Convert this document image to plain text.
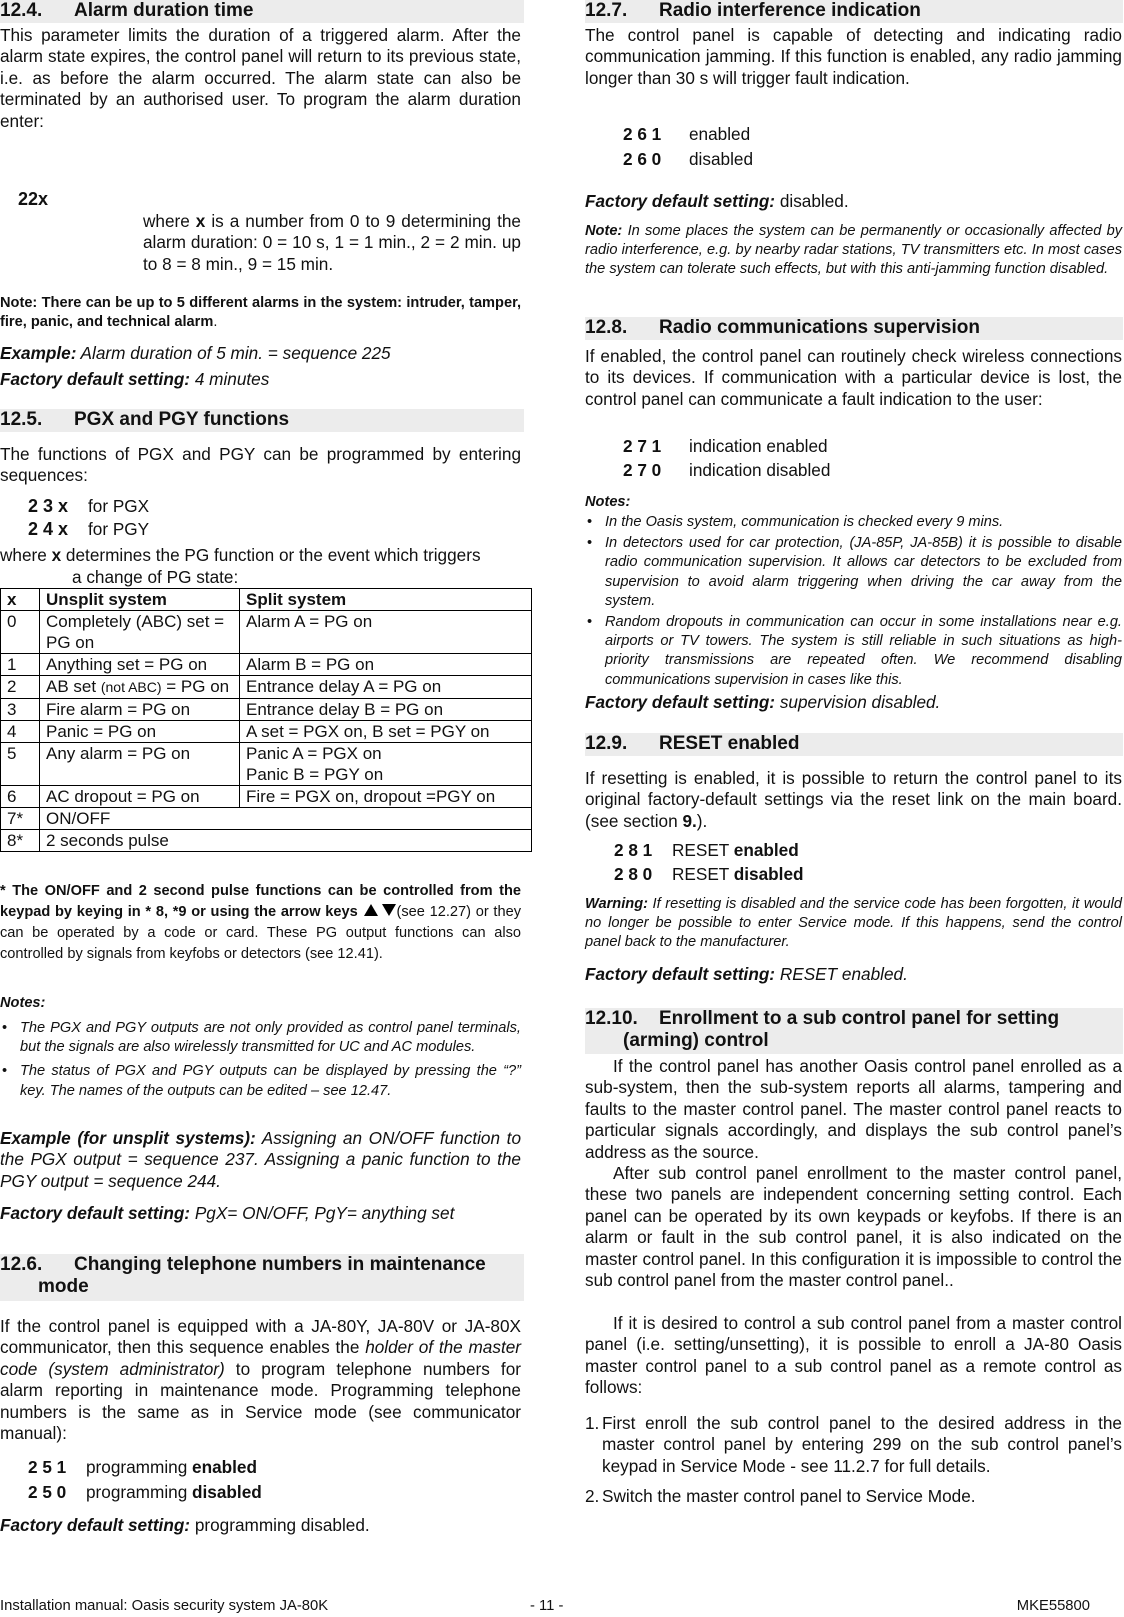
12.4. Alarm duration time

This parameter limits the duration of a triggered alarm. After the alarm state expires, the control panel will return to its previous state, i.e. as before the alarm occurred. The alarm state can also be terminated by an authorised user. To program the alarm duration enter:

22x

where x is a number from 0 to 9 determining the alarm duration: 0 = 10 s, 1 = 1 min., 2 = 2 min. up to 8 = 8 min., 9 = 15 min.

Note: There can be up to 5 different alarms in the system: intruder, tamper, fire, panic, and technical alarm.

Example: Alarm duration of 5 min. = sequence 225

Factory default setting: 4 minutes

12.5. PGX and PGY functions

The functions of PGX and PGY can be programmed by entering sequences:

2 3 x for PGX
2 4 x for PGY

where x determines the PG function or the event which triggers

a change of PG state:

x	Unsplit system	Split system
0	Completely (ABC) set = PG on	Alarm A = PG on
1	Anything set = PG on	Alarm B = PG on
2	AB set (not ABC) = PG on	Entrance delay A = PG on
3	Fire alarm = PG on	Entrance delay B = PG on
4	Panic = PG on	A set = PGX on, B set = PGY on
5	Any alarm = PG on	Panic A = PGX on
Panic B = PGY on

6	AC dropout = PG on	Fire = PGX on, dropout =PGY on
7*	ON/OFF	
8*	2 seconds pulse	

* The ON/OFF and 2 second pulse functions can be controlled from the keypad by keying in * 8, *9 or using the arrow keys	(see 12.27) or they can be operated by a code or card. These PG output functions can also controlled by signals from keyfobs or detectors (see 12.41).

Notes:

• The PGX and PGY outputs are not only provided as control panel terminals, but the signals are also wirelessly transmitted for UC and AC modules.
• The status of PGX and PGY outputs can be displayed by pressing the “?” key. The names of the outputs can be edited – see 12.47.

Example (for unsplit systems): Assigning an ON/OFF function to the PGX output = sequence 237. Assigning a panic function to the PGY output = sequence 244.

Factory default setting: PgX= ON/OFF, PgY= anything set

12.6. Changing telephone numbers in maintenance
mode

If the control panel is equipped with a JA-80Y, JA-80V or JA-80X communicator, then this sequence enables the holder of the master code (system administrator) to program telephone numbers for alarm reporting in maintenance mode. Programming telephone numbers is the same as in Service mode (see communicator manual):

2 5 1 programming enabled
2 5 0 programming disabled

Factory default setting: programming disabled.

12.7. Radio interference indication

The control panel is capable of detecting and indicating radio communication jamming. If this function is enabled, any radio jamming longer than 30 s will trigger fault indication.

2 6 1 enabled
2 6 0 disabled

Factory default setting: disabled.

Note: In some places the system can be permanently or occasionally affected by radio interference, e.g. by nearby radar stations, TV transmitters etc. In most cases the system can tolerate such effects, but with this anti-jamming function disabled.

12.8. Radio communications supervision

If enabled, the control panel can routinely check wireless connections to its devices. If communication with a particular device is lost, the control panel can communicate a fault indication to the user:

2 7 1 indication enabled
2 7 0 indication disabled

Notes:

• In the Oasis system, communication is checked every 9 mins.
• In detectors used for car protection, (JA-85P, JA-85B) it is possible to disable radio communication supervision. It allows car detectors to be excluded from supervision to avoid alarm triggering when driving the car away from the system.
• Random dropouts in communication can occur in some installations near e.g. airports or TV towers. The system is still reliable in such situations as high-priority transmissions are repeated often. We recommend disabling communications supervision in cases like this.

Factory default setting: supervision disabled.

12.9. RESET enabled

If resetting is enabled, it is possible to return the control panel to its original factory-default settings via the reset link on the main board. (see section 9.).

2 8 1 RESET enabled
2 8 0 RESET disabled

Warning: If resetting is disabled and the service code has been forgotten, it would no longer be possible to enter Service mode. If this happens, send the control panel back to the manufacturer.

Factory default setting: RESET enabled.

12.10. Enrollment to a sub control panel for setting
(arming) control

If the control panel has another Oasis control panel enrolled as a sub-system, then the sub-system reports all alarms, tampering and faults to the master control panel. The master control panel reacts to particular signals accordingly, and displays the sub control panel’s address as the source.

After sub control panel enrollment to the master control panel, these two panels are independent concerning setting control. Each panel can be operated by its own keypads or keyfobs. If there is an alarm or fault in the sub control panel, it is also indicated on the master control panel. In this configuration it is impossible to control the sub control panel from the master control panel..

If it is desired to control a sub control panel from a master control panel (i.e. setting/unsetting), it is possible to enroll a JA-80 Oasis master control panel to a sub control panel as a remote control as follows:

1. First enroll the sub control panel to the desired address in the master control panel by entering 299 on the sub control panel’s keypad in Service Mode - see 11.2.7 for full details.

2. Switch the master control panel to Service Mode.

Installation manual: Oasis security system JA-80K	- 11 -	MKE55800
